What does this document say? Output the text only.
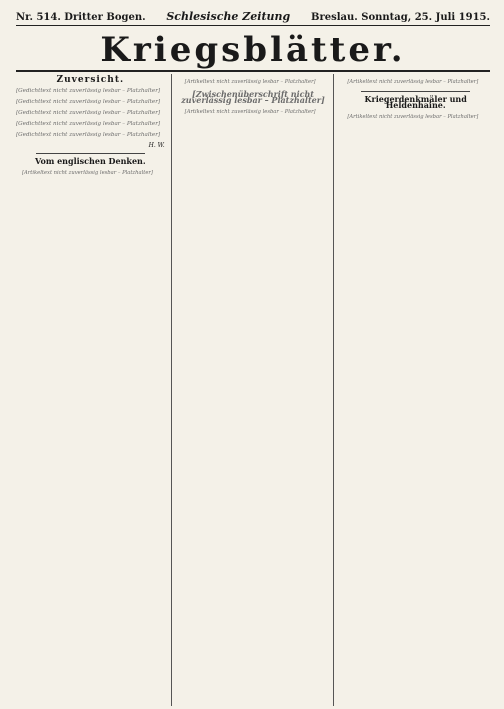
Nr. 514. Dritter Bogen. Schlesische Zeitung Breslau. Sonntag, 25. Juli 1915.
Kriegsblätter.
Zuversicht.

[Gedichttext nicht zuverlässig lesbar – Platzhalter]

[Gedichttext nicht zuverlässig lesbar – Platzhalter]

[Gedichttext nicht zuverlässig lesbar – Platzhalter]

[Gedichttext nicht zuverlässig lesbar – Platzhalter]

[Gedichttext nicht zuverlässig lesbar – Platzhalter]

H. W.
Vom englischen Denken.

[Artikeltext nicht zuverlässig lesbar – Platzhalter]

[Artikeltext nicht zuverlässig lesbar – Platzhalter]

[Zwischenüberschrift nicht zuverlässig lesbar – Platzhalter]

[Artikeltext nicht zuverlässig lesbar – Platzhalter]

[Artikeltext nicht zuverlässig lesbar – Platzhalter]

Kriegerdenkmäler und Heldenhaine.

[Artikeltext nicht zuverlässig lesbar – Platzhalter]
